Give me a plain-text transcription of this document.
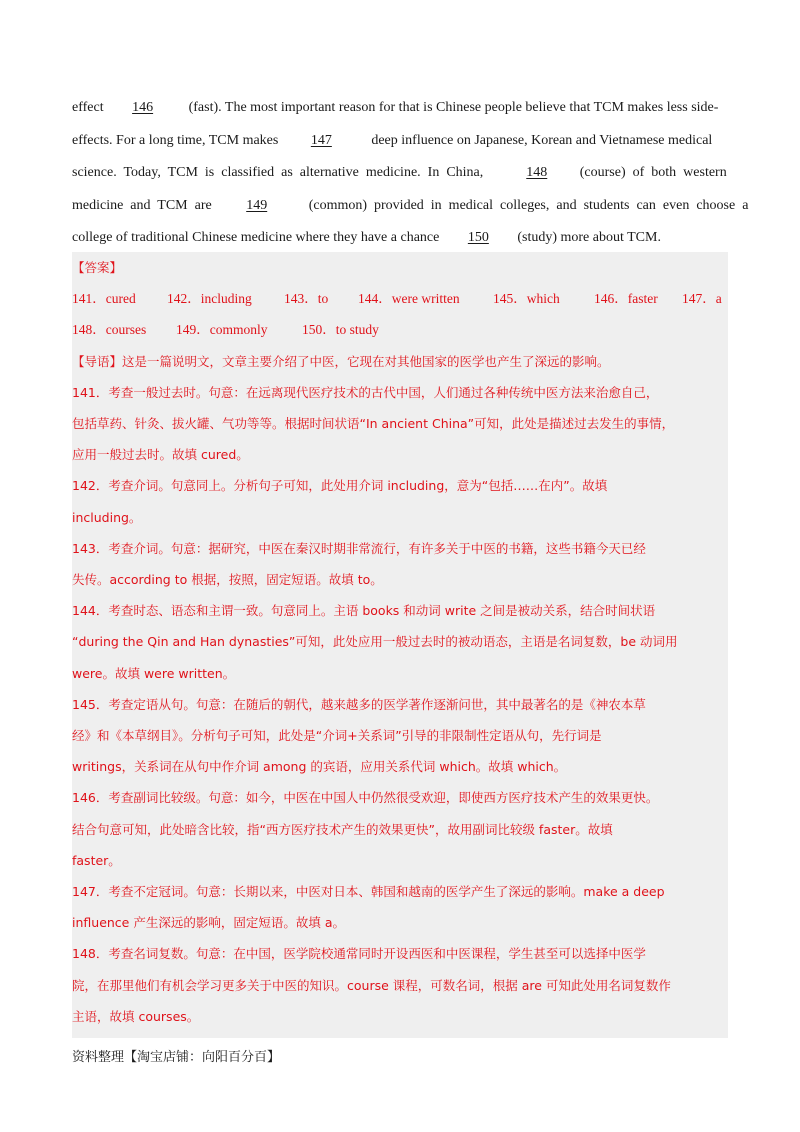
effect 146	(fast). The most important reason for that is Chinese people believe that TCM makes less side-
effects. For a long time, TCM makes 147	deep influence on Japanese, Korean and Vietnamese medical
science.  Today,  TCM  is  classified  as  alternative  medicine.  In  China,	148 (course)  of  both  western
medicine  and  TCM  are 149	(common)  provided  in  medical  colleges,  and  students  can  even  choose  a
college of traditional Chinese medicine where they have a chance 150 (study) more about TCM.
【答案】
141．cured 142．including 143．to 144．were written 145．which	146．faster 147．a
148．courses 149．commonly	150．to study
【导语】这是一篇说明文，文章主要介绍了中医，它现在对其他国家的医学也产生了深远的影响。
141．考查一般过去时。句意：在远离现代医疗技术的古代中国，人们通过各种传统中医方法来治愈自己，
包括草药、针灸、拔火罐、气功等等。根据时间状语“In ancient China”可知，此处是描述过去发生的事情，
应用一般过去时。故填 cured。
142．考查介词。句意同上。分析句子可知，此处用介词 including，意为“包括……在内”。故填
including。
143．考查介词。句意：据研究，中医在秦汉时期非常流行，有许多关于中医的书籍，这些书籍今天已经
失传。according to 根据，按照，固定短语。故填 to。
144．考查时态、语态和主谓一致。句意同上。主语 books 和动词 write 之间是被动关系，结合时间状语
“during the Qin and Han dynasties”可知，此处应用一般过去时的被动语态，主语是名词复数，be 动词用
were。故填 were written。
145．考查定语从句。句意：在随后的朝代，越来越多的医学著作逐渐问世，其中最著名的是《神农本草
经》和《本草纲目》。分析句子可知，此处是“介词+关系词”引导的非限制性定语从句，先行词是
writings，关系词在从句中作介词 among 的宾语，应用关系代词 which。故填 which。
146．考查副词比较级。句意：如今，中医在中国人中仍然很受欢迎，即使西方医疗技术产生的效果更快。
结合句意可知，此处暗含比较，指“西方医疗技术产生的效果更快”，故用副词比较级 faster。故填
faster。
147．考查不定冠词。句意：长期以来，中医对日本、韩国和越南的医学产生了深远的影响。make a deep
influence 产生深远的影响，固定短语。故填 a。
148．考查名词复数。句意：在中国，医学院校通常同时开设西医和中医课程，学生甚至可以选择中医学
院，在那里他们有机会学习更多关于中医的知识。course 课程，可数名词，根据 are 可知此处用名词复数作
主语，故填 courses。
资料整理【淘宝店铺：向阳百分百】
